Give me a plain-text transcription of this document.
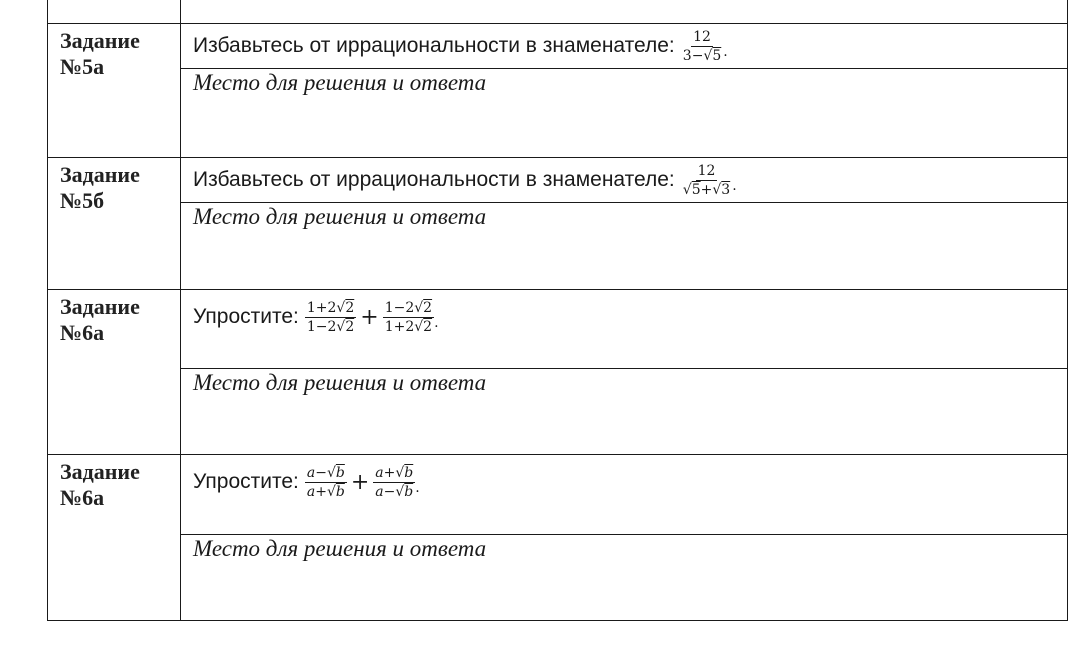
Задание
№5а
Избавьтесь от иррациональности в знаменателе: $\frac{12}{3-√5}$ .
Место для решения и ответа
Задание
№5б
Избавьтесь от иррациональности в знаменателе: $\frac{12}{√5+√3}$ .
Место для решения и ответа
Задание
№6а
Упростите: $\frac{1+2√2}{1-2√2} + \frac{1-2√2}{1+2√2}$ .
Место для решения и ответа
Задание
№6а
Упростите: $\frac{a-√b}{a+√b} + \frac{a+√b}{a-√b}$ .
Место для решения и ответа
